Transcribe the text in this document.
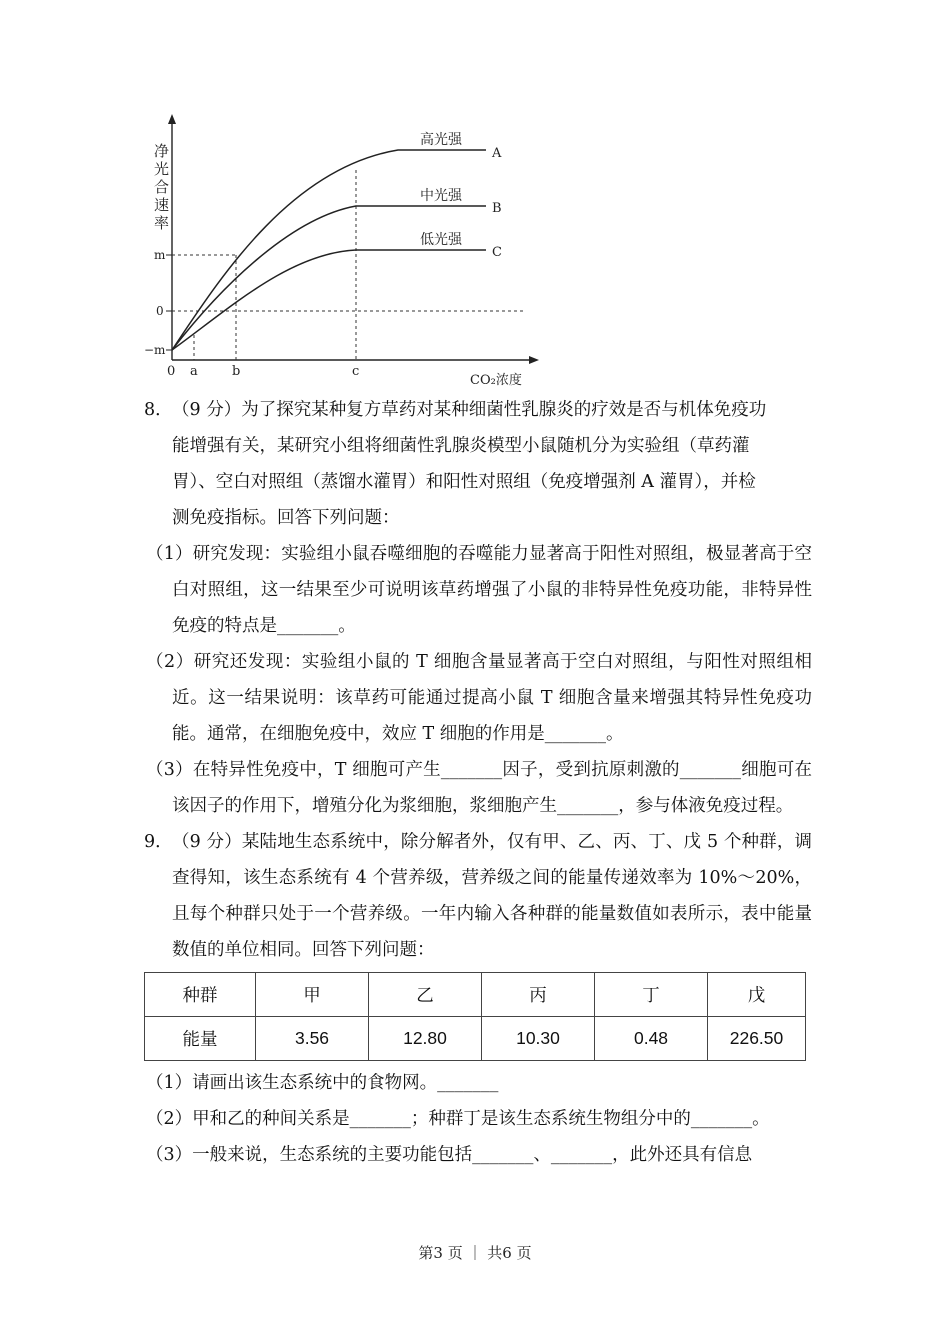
净
光
合
速
率
m
0
−m
0 a	b	c
CO₂浓度
高光强
A
中光强
B
低光强
C
8． （9 分）为了探究某种复方草药对某种细菌性乳腺炎的疗效是否与机体免疫功
能增强有关，某研究小组将细菌性乳腺炎模型小鼠随机分为实验组（草药灌
胃）、空白对照组（蒸馏水灌胃）和阳性对照组（免疫增强剂 A 灌胃），并检
测免疫指标。回答下列问题：
（1）研究发现：实验组小鼠吞噬细胞的吞噬能力显著高于阳性对照组，极显著高于空白对照组，这一结果至少可说明该草药增强了小鼠的非特异性免疫功能，非特异性免疫的特点是_______。
（2）研究还发现：实验组小鼠的 T 细胞含量显著高于空白对照组，与阳性对照组相近。这一结果说明：该草药可能通过提高小鼠 T 细胞含量来增强其特异性免疫功能。通常，在细胞免疫中，效应 T 细胞的作用是_______。
（3）在特异性免疫中，T 细胞可产生_______因子，受到抗原刺激的_______细胞可在该因子的作用下，增殖分化为浆细胞，浆细胞产生_______，参与体液免疫过程。
9． （9 分）某陆地生态系统中，除分解者外，仅有甲、乙、丙、丁、戊 5 个种群，调查得知，该生态系统有 4 个营养级，营养级之间的能量传递效率为 10%～20%，且每个种群只处于一个营养级。一年内输入各种群的能量数值如表所示，表中能量数值的单位相同。回答下列问题：
种群	甲	乙	丙	丁	戊
能量	3.56	12.80	10.30	0.48	226.50
（1）请画出该生态系统中的食物网。_______
（2）甲和乙的种间关系是_______；种群丁是该生态系统生物组分中的_______。
（3）一般来说，生态系统的主要功能包括_______、_______，此外还具有信息
第3 页 ｜ 共6 页
